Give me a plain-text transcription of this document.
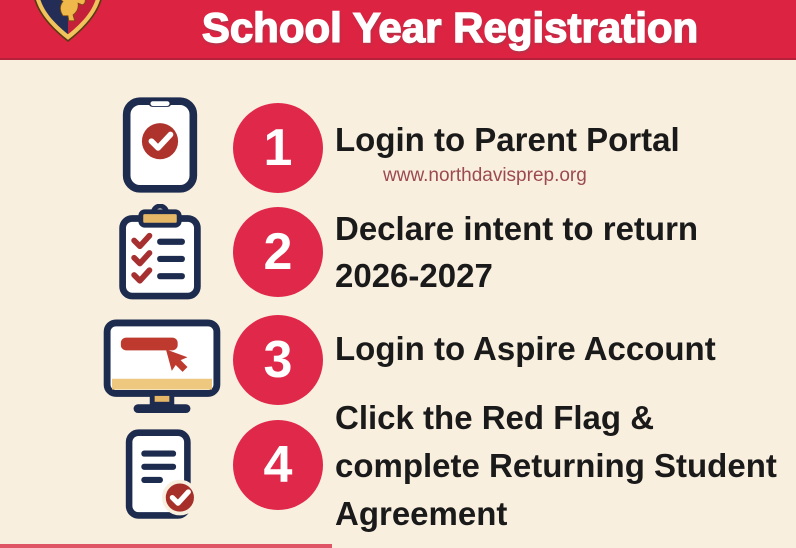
School Year Registration
1 Login to Parent Portal
www.northdavisprep.org
2 Declare intent to return
2026-2027
3 Login to Aspire Account
4
Click the Red Flag &
complete Returning Student
Agreement
